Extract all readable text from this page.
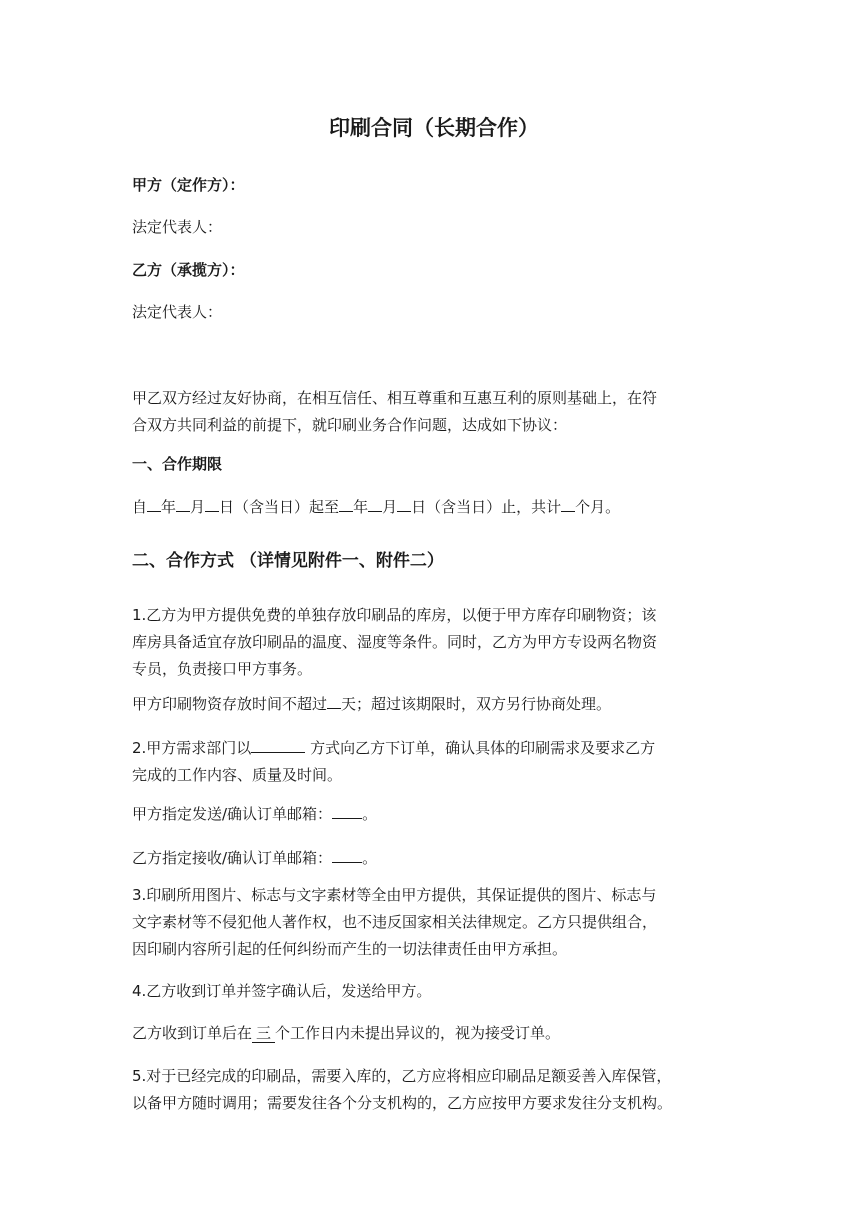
印刷合同（长期合作）
甲方（定作方）：
法定代表人：
乙方（承揽方）：
法定代表人：
甲乙双方经过友好协商，在相互信任、相互尊重和互惠互利的原则基础上，在符
合双方共同利益的前提下，就印刷业务合作问题，达成如下协议：
一、合作期限
自 年 月 日（含当日）起至 年 月 日（含当日）止，共计 个月。
二、合作方式 （详情见附件一、附件二）
1.乙方为甲方提供免费的单独存放印刷品的库房，以便于甲方库存印刷物资；该
库房具备适宜存放印刷品的温度、湿度等条件。同时，乙方为甲方专设两名物资
专员，负责接口甲方事务。
甲方印刷物资存放时间不超过 天；超过该期限时，双方另行协商处理。
2.甲方需求部门以	方式向乙方下订单，确认具体的印刷需求及要求乙方
完成的工作内容、质量及时间。
甲方指定发送/确认订单邮箱： 。
乙方指定接收/确认订单邮箱： 。
3.印刷所用图片、标志与文字素材等全由甲方提供，其保证提供的图片、标志与
文字素材等不侵犯他人著作权，也不违反国家相关法律规定。乙方只提供组合，
因印刷内容所引起的任何纠纷而产生的一切法律责任由甲方承担。
4.乙方收到订单并签字确认后，发送给甲方。
乙方收到订单后在 三 个工作日内未提出异议的，视为接受订单。
5.对于已经完成的印刷品，需要入库的，乙方应将相应印刷品足额妥善入库保管，
以备甲方随时调用；需要发往各个分支机构的，乙方应按甲方要求发往分支机构。
